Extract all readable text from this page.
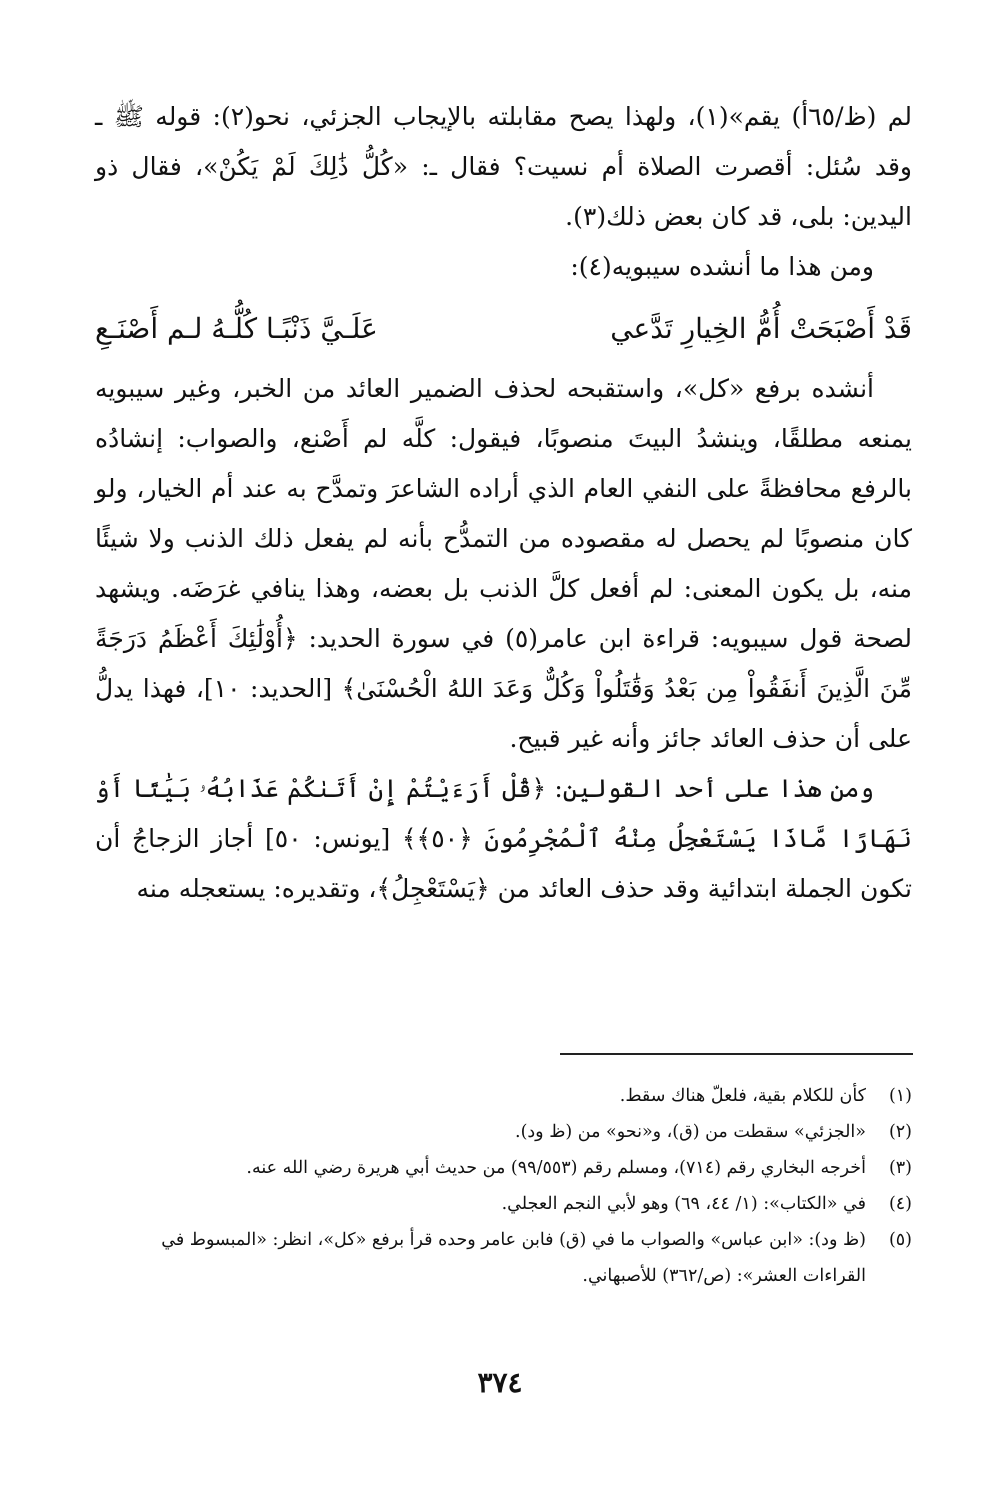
لم (ظ/٦٥أ) يقم»(١)، ولهذا يصح مقابلته بالإيجاب الجزئي، نحو(٢): قوله ﷺ ـ وقد سُئل: أقصرت الصلاة أم نسيت؟ فقال ـ: «كُلُّ ذَٰلِكَ لَمْ يَكُنْ»، فقال ذو اليدين: بلى، قد كان بعض ذلك(٣).

ومن هذا ما أنشده سيبويه(٤):

قَدْ أَصْبَحَتْ أُمُّ الخِيارِ تَدَّعي
عَلَـيَّ ذَنْبًـا كُلُّـهُ لـم أَصْنَـعِ

أنشده برفع «كل»، واستقبحه لحذف الضمير العائد من الخبر، وغير سيبويه يمنعه مطلقًا، وينشدُ البيتَ منصوبًا، فيقول: كلَّه لم أَصْنع، والصواب: إنشادُه بالرفع محافظةً على النفي العام الذي أراده الشاعرَ وتمدَّح به عند أم الخيار، ولو كان منصوبًا لم يحصل له مقصوده من التمدُّح بأنه لم يفعل ذلك الذنب ولا شيئًا منه، بل يكون المعنى: لم أفعل كلَّ الذنب بل بعضه، وهذا ينافي غرَضَه. ويشهد لصحة قول سيبويه: قراءة ابن عامر(٥) في سورة الحديد: ﴿أُوْلَٰئِكَ أَعْظَمُ دَرَجَةً مِّنَ الَّذِينَ أَنفَقُواْ مِن بَعْدُ وَقَٰتَلُواْ وَكُلٌّ وَعَدَ اللهُ الْحُسْنَىٰ﴾ [الحديد: ١٠]، فهذا يدلُّ على أن حذف العائد جائز وأنه غير قبيح.

ومن هذا على أحد القولين: ﴿قُلْ أَرَءَيْتُمْ إِنْ أَتَىٰكُمْ عَذَابُهُۥ بَيَٰتًا أَوْ نَهَارًا مَّاذَا يَسْتَعْجِلُ مِنْهُ ٱلْمُجْرِمُونَ ﴿٥٠﴾﴾ [يونس: ٥٠] أجاز الزجاجُ أن تكون الجملة ابتدائية وقد حذف العائد من ﴿يَسْتَعْجِلُ﴾، وتقديره: يستعجله منه

(١)
كأن للكلام بقية، فلعلّ هناك سقط.
(٢)
«الجزئي» سقطت من (ق)، و«نحو» من (ظ ود).
(٣)
أخرجه البخاري رقم (٧١٤)، ومسلم رقم (٩٩/٥٥٣) من حديث أبي هريرة رضي الله عنه.
(٤)
في «الكتاب»: (١/ ٤٤، ٦٩) وهو لأبي النجم العجلي.
(٥)
(ظ ود): «ابن عباس» والصواب ما في (ق) فابن عامر وحده قرأ برفع «كل»، انظر: «المبسوط في القراءات العشر»: (ص/٣٦٢) للأصبهاني.
٣٧٤
